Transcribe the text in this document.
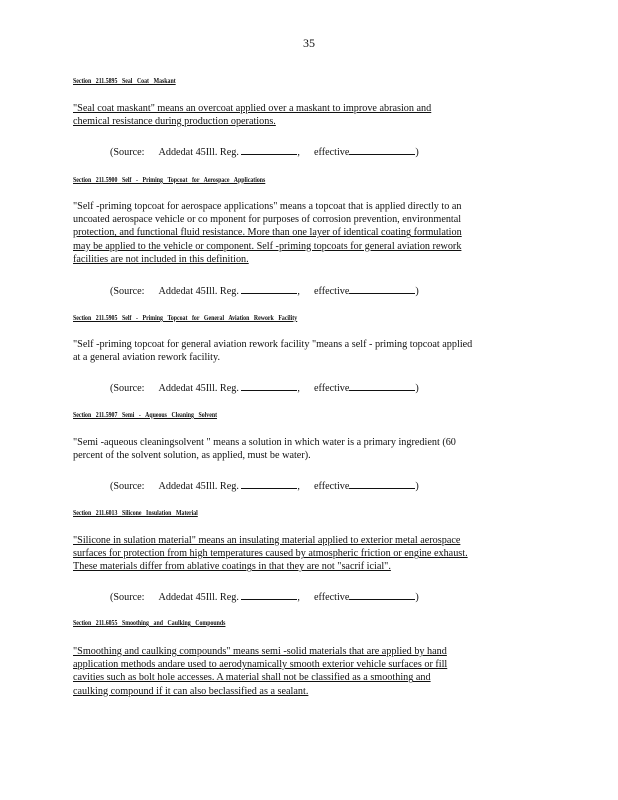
35
Section 211.5895 Seal Coat Maskant
"Seal coat maskant" means an overcoat applied over a maskant to improve abrasion and
chemical resistance during production operations.
(Source: Addedat 45Ill. Reg.	, effective	)
Section 211.5900 Self - Priming Topcoat for Aerospace Applications
"Self -priming topcoat for aerospace applications" means a topcoat that is applied directly to an
uncoated aerospace vehicle or co mponent for purposes of corrosion prevention, environmental
protection, and functional fluid resistance. More than one layer of identical coating formulation
may be applied to the vehicle or component. Self -priming topcoats for general aviation rework
facilities are not included in this definition.
(Source: Addedat 45Ill. Reg.	, effective	)
Section 211.5905 Self - Priming Topcoat for General Aviation Rework Facility
"Self -priming topcoat for general aviation rework facility "means a self - priming topcoat applied
at a general aviation rework facility.
(Source: Addedat 45Ill. Reg.	, effective	)
Section 211.5907 Semi - Aqueous Cleaning Solvent
"Semi -aqueous cleaningsolvent " means a solution in which water is a primary ingredient (60
percent of the solvent solution, as applied, must be water).
(Source: Addedat 45Ill. Reg.	, effective	)
Section 211.6013 Silicone Insulation Material
"Silicone in sulation material" means an insulating material applied to exterior metal aerospace
surfaces for protection from high temperatures caused by atmospheric friction or engine exhaust.
These materials differ from ablative coatings in that they are not "sacrif icial".
(Source: Addedat 45Ill. Reg.	, effective	)
Section 211.6055 Smoothing and Caulking Compounds
"Smoothing and caulking compounds" means semi -solid materials that are applied by hand
application methods andare used to aerodynamically smooth exterior vehicle surfaces or fill
cavities such as bolt hole accesses. A material shall not be classified as a smoothing and
caulking compound if it can also beclassified as a sealant.
